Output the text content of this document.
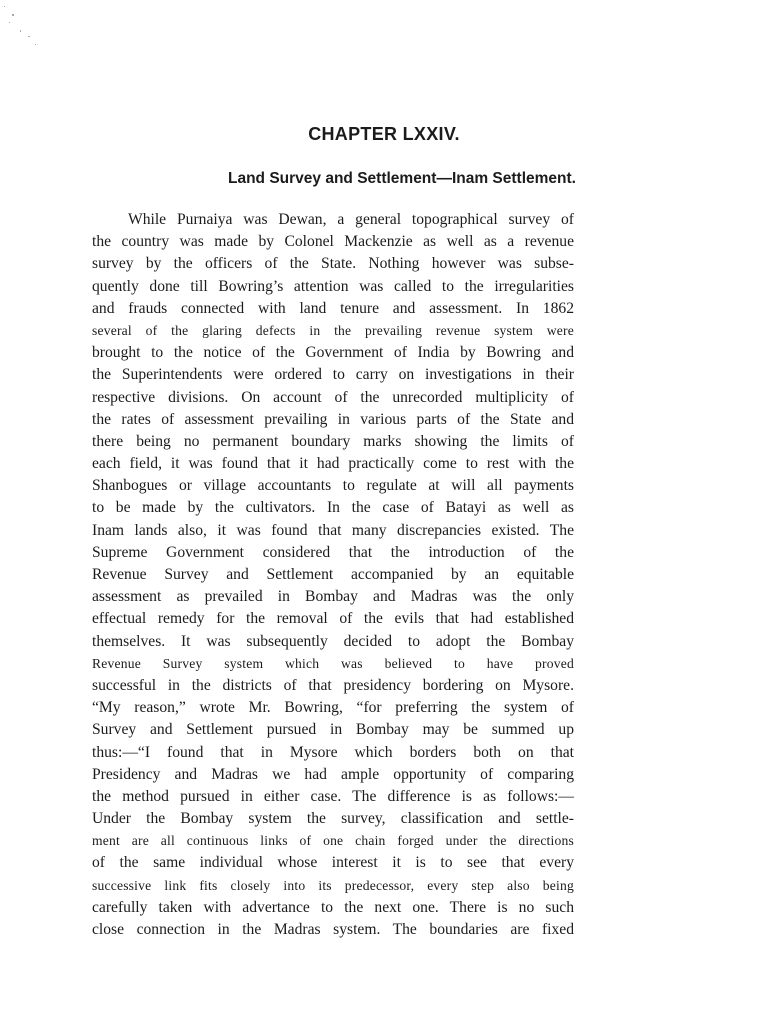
CHAPTER LXXIV.
Land Survey and Settlement—Inam Settlement.
While Purnaiya was Dewan, a general topographical survey of
the country was made by Colonel Mackenzie as well as a revenue
survey by the officers of the State. Nothing however was subse-
quently done till Bowring’s attention was called to the irregularities
and frauds connected with land tenure and assessment. In 1862
several of the glaring defects in the prevailing revenue system were
brought to the notice of the Government of India by Bowring and
the Superintendents were ordered to carry on investigations in their
respective divisions. On account of the unrecorded multiplicity of
the rates of assessment prevailing in various parts of the State and
there being no permanent boundary marks showing the limits of
each field, it was found that it had practically come to rest with the
Shanbogues or village accountants to regulate at will all payments
to be made by the cultivators. In the case of Batayi as well as
Inam lands also, it was found that many discrepancies existed. The
Supreme Government considered that the introduction of the
Revenue Survey and Settlement accompanied by an equitable
assessment as prevailed in Bombay and Madras was the only
effectual remedy for the removal of the evils that had established
themselves. It was subsequently decided to adopt the Bombay
Revenue Survey system which was believed to have proved
successful in the districts of that presidency bordering on Mysore.
“My reason,” wrote Mr. Bowring, “for preferring the system of
Survey and Settlement pursued in Bombay may be summed up
thus:—“I found that in Mysore which borders both on that
Presidency and Madras we had ample opportunity of comparing
the method pursued in either case. The difference is as follows:—
Under the Bombay system the survey, classification and settle-
ment are all continuous links of one chain forged under the directions
of the same individual whose interest it is to see that every
successive link fits closely into its predecessor, every step also being
carefully taken with advertance to the next one. There is no such
close connection in the Madras system. The boundaries are fixed
